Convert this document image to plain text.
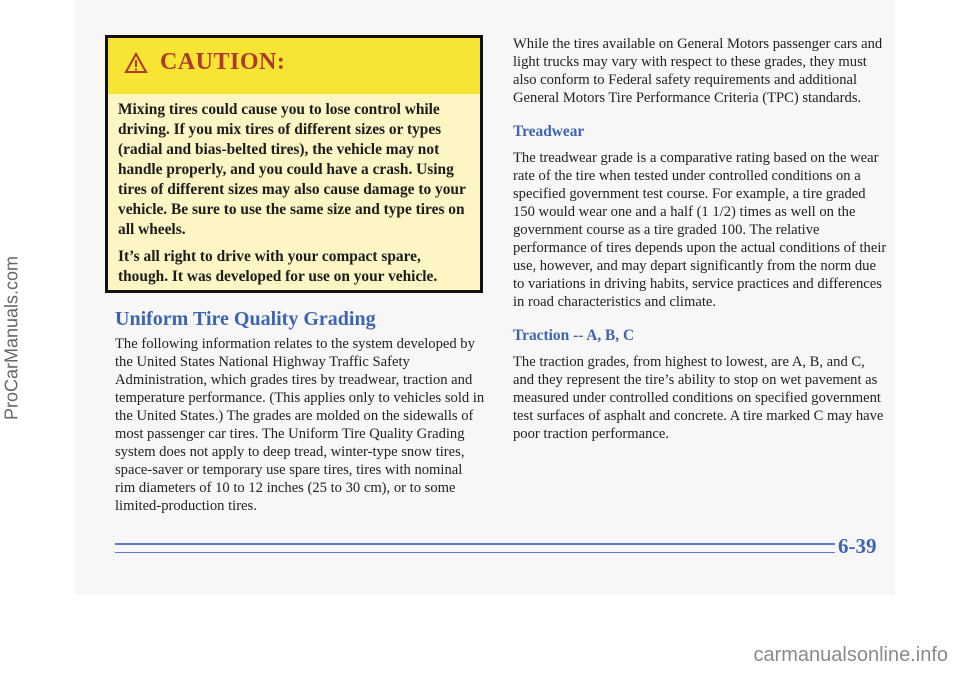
CAUTION:

Mixing tires could cause you to lose control while driving. If you mix tires of different sizes or types (radial and bias-belted tires), the vehicle may not handle properly, and you could have a crash. Using tires of different sizes may also cause damage to your vehicle. Be sure to use the same size and type tires on all wheels.

It’s all right to drive with your compact spare, though. It was developed for use on your vehicle.

Uniform Tire Quality Grading
The following information relates to the system developed by the United States National Highway Traffic Safety Administration, which grades tires by treadwear, traction and temperature performance. (This applies only to vehicles sold in the United States.) The grades are molded on the sidewalls of most passenger car tires. The Uniform Tire Quality Grading system does not apply to deep tread, winter-type snow tires, space-saver or temporary use spare tires, tires with nominal rim diameters of 10 to 12 inches (25 to 30 cm), or to some limited-production tires.

While the tires available on General Motors passenger cars and light trucks may vary with respect to these grades, they must also conform to Federal safety requirements and additional General Motors Tire Performance Criteria (TPC) standards.

Treadwear

The treadwear grade is a comparative rating based on the wear rate of the tire when tested under controlled conditions on a specified government test course. For example, a tire graded 150 would wear one and a half (1 1/2) times as well on the government course as a tire graded 100. The relative performance of tires depends upon the actual conditions of their use, however, and may depart significantly from the norm due to variations in driving habits, service practices and differences in road characteristics and climate.

Traction -- A, B, C

The traction grades, from highest to lowest, are A, B, and C, and they represent the tire’s ability to stop on wet pavement as measured under controlled conditions on specified government test surfaces of asphalt and concrete. A tire marked C may have poor traction performance.

6-39
ProCarManuals.com
carmanualsonline.info
